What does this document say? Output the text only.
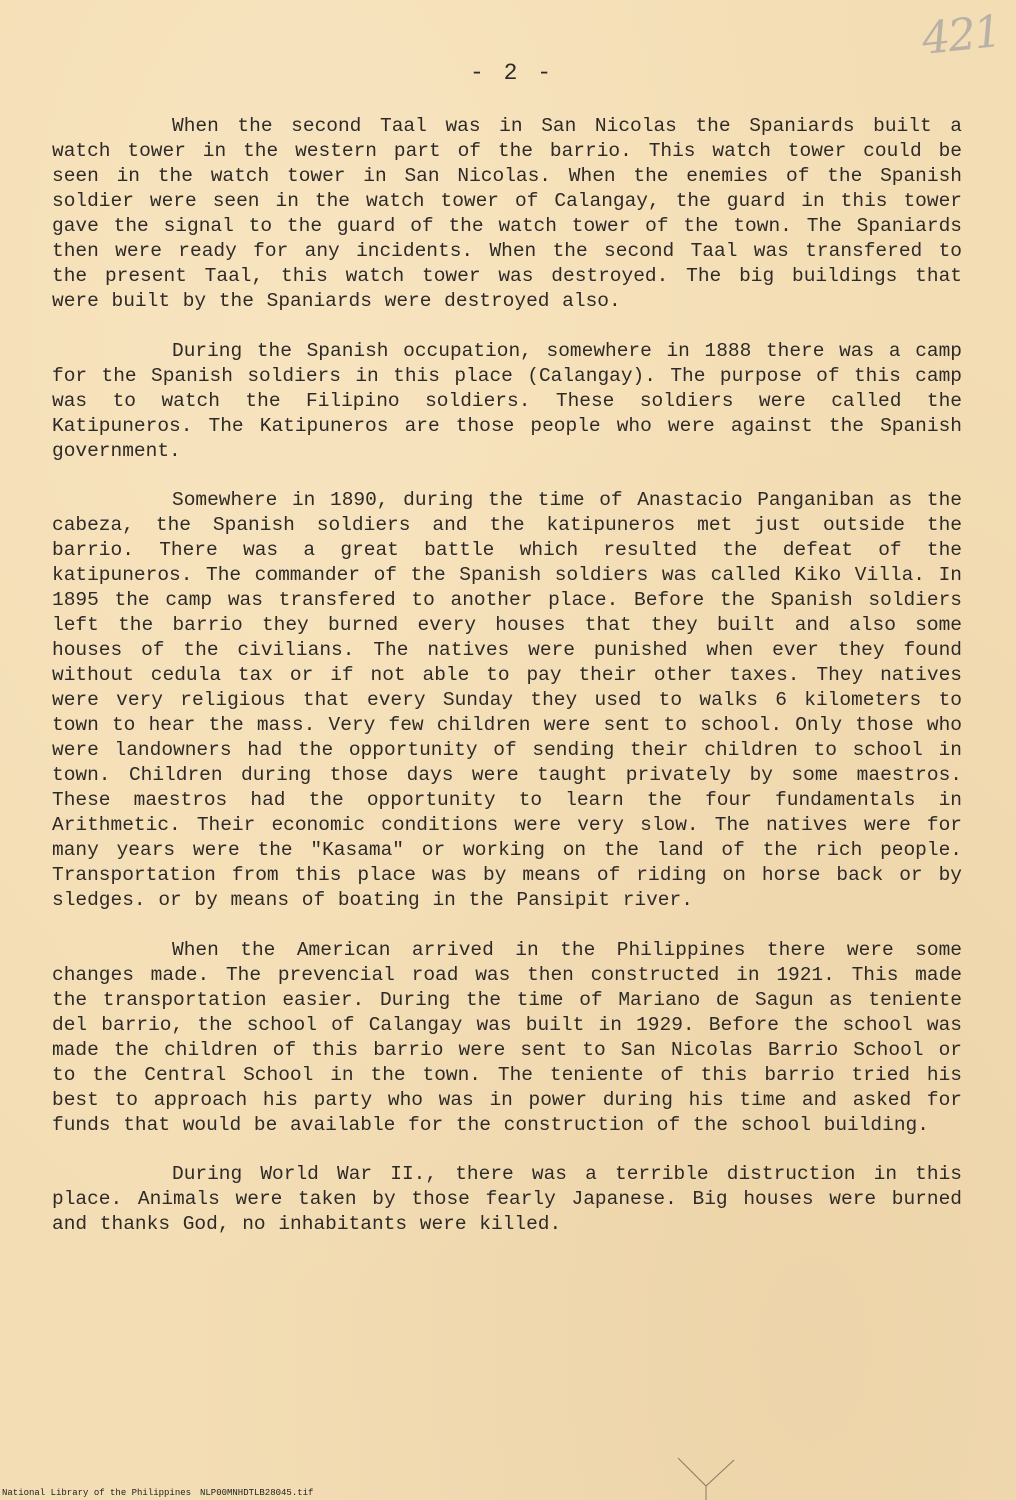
421
- 2 -

When the second Taal was in San Nicolas the Spaniards built a watch tower in the western part of the barrio. This watch tower could be seen in the watch tower in San Nicolas. When the enemies of the Spanish soldier were seen in the watch tower of Calangay, the guard in this tower gave the signal to the guard of the watch tower of the town. The Spaniards then were ready for any incidents. When the second Taal was transfered to the present Taal, this watch tower was destroyed. The big buildings that were built by the Spaniards were destroyed also.

During the Spanish occupation, somewhere in 1888 there was a camp for the Spanish soldiers in this place (Calangay). The purpose of this camp was to watch the Filipino soldiers. These soldiers were called the Katipuneros. The Katipuneros are those people who were against the Spanish government.

Somewhere in 1890, during the time of Anastacio Panganiban as the cabeza, the Spanish soldiers and the katipuneros met just outside the barrio. There was a great battle which resulted the defeat of the katipuneros. The commander of the Spanish soldiers was called Kiko Villa. In 1895 the camp was transfered to another place. Before the Spanish soldiers left the barrio they burned every houses that they built and also some houses of the civilians. The natives were punished when ever they found without cedula tax or if not able to pay their other taxes. They natives were very religious that every Sunday they used to walks 6 kilometers to town to hear the mass. Very few children were sent to school. Only those who were landowners had the opportunity of sending their children to school in town. Children during those days were taught privately by some maestros. These maestros had the opportunity to learn the four fundamentals in Arithmetic. Their economic conditions were very slow. The natives were for many years were the "Kasama" or working on the land of the rich people. Transportation from this place was by means of riding on horse back or by sledges. or by means of boating in the Pansipit river.

When the American arrived in the Philippines there were some changes made. The prevencial road was then constructed in 1921. This made the transportation easier. During the time of Mariano de Sagun as teniente del barrio, the school of Calangay was built in 1929. Before the school was made the children of this barrio were sent to San Nicolas Barrio School or to the Central School in the town. The teniente of this barrio tried his best to approach his party who was in power during his time and asked for funds that would be available for the construction of the school building.

During World War II., there was a terrible distruction in this place. Animals were taken by those fearly Japanese. Big houses were burned and thanks God, no inhabitants were killed.

National Library of the Philippines NLP00MNHDTLB28045.tif
